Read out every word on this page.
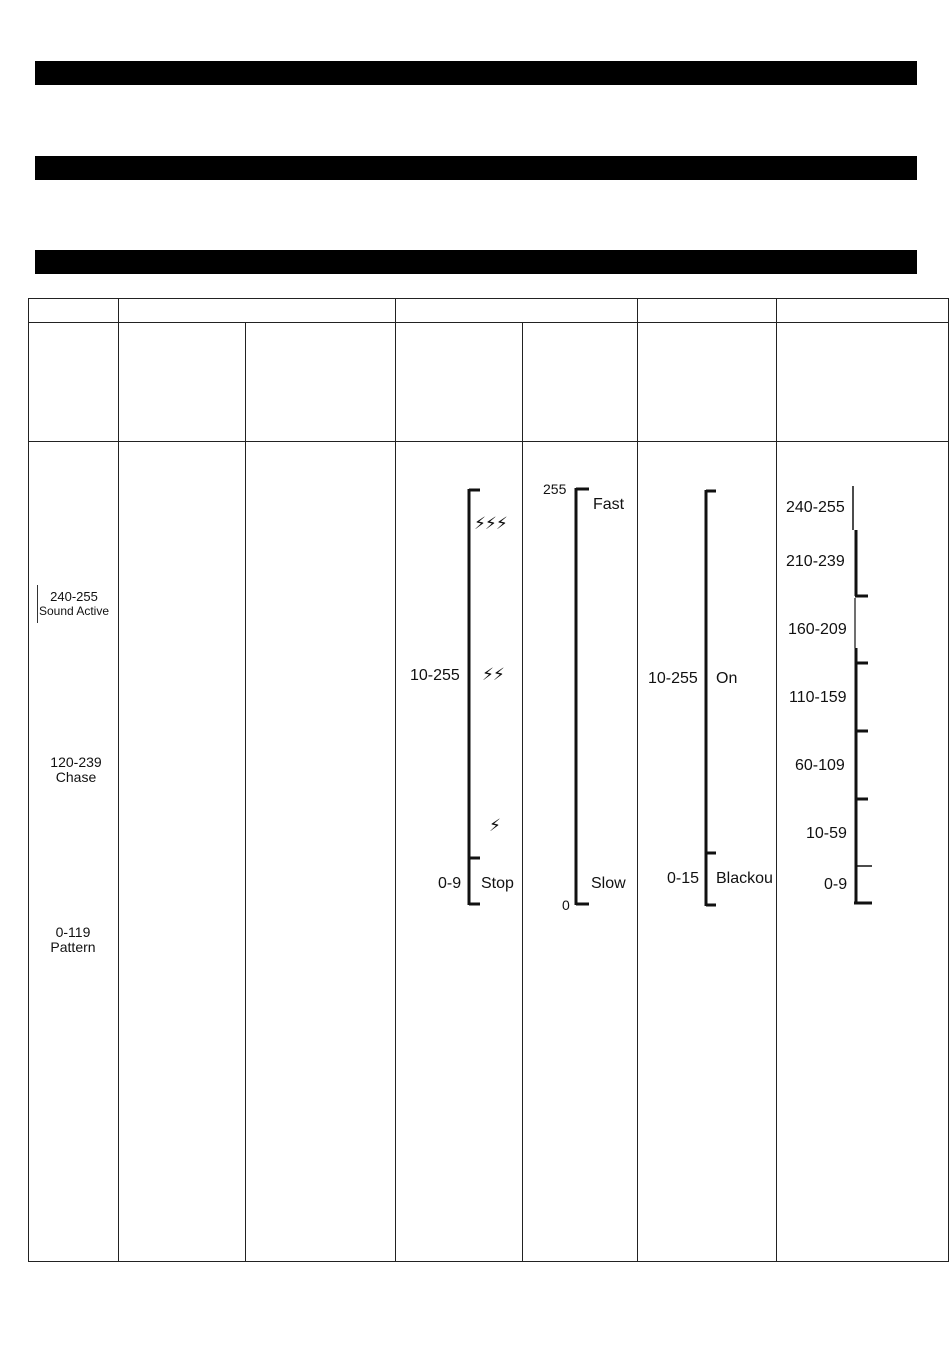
240-255
Sound Active
120-239
Chase
0-119
Pattern
⚡⚡⚡
⚡⚡
⚡
10-255
0-9 Stop
255
Fast
Slow
0
10-255 On
0-15 Blackou
240-255
210-239
160-209
110-159
60-109
10-59
0-9
